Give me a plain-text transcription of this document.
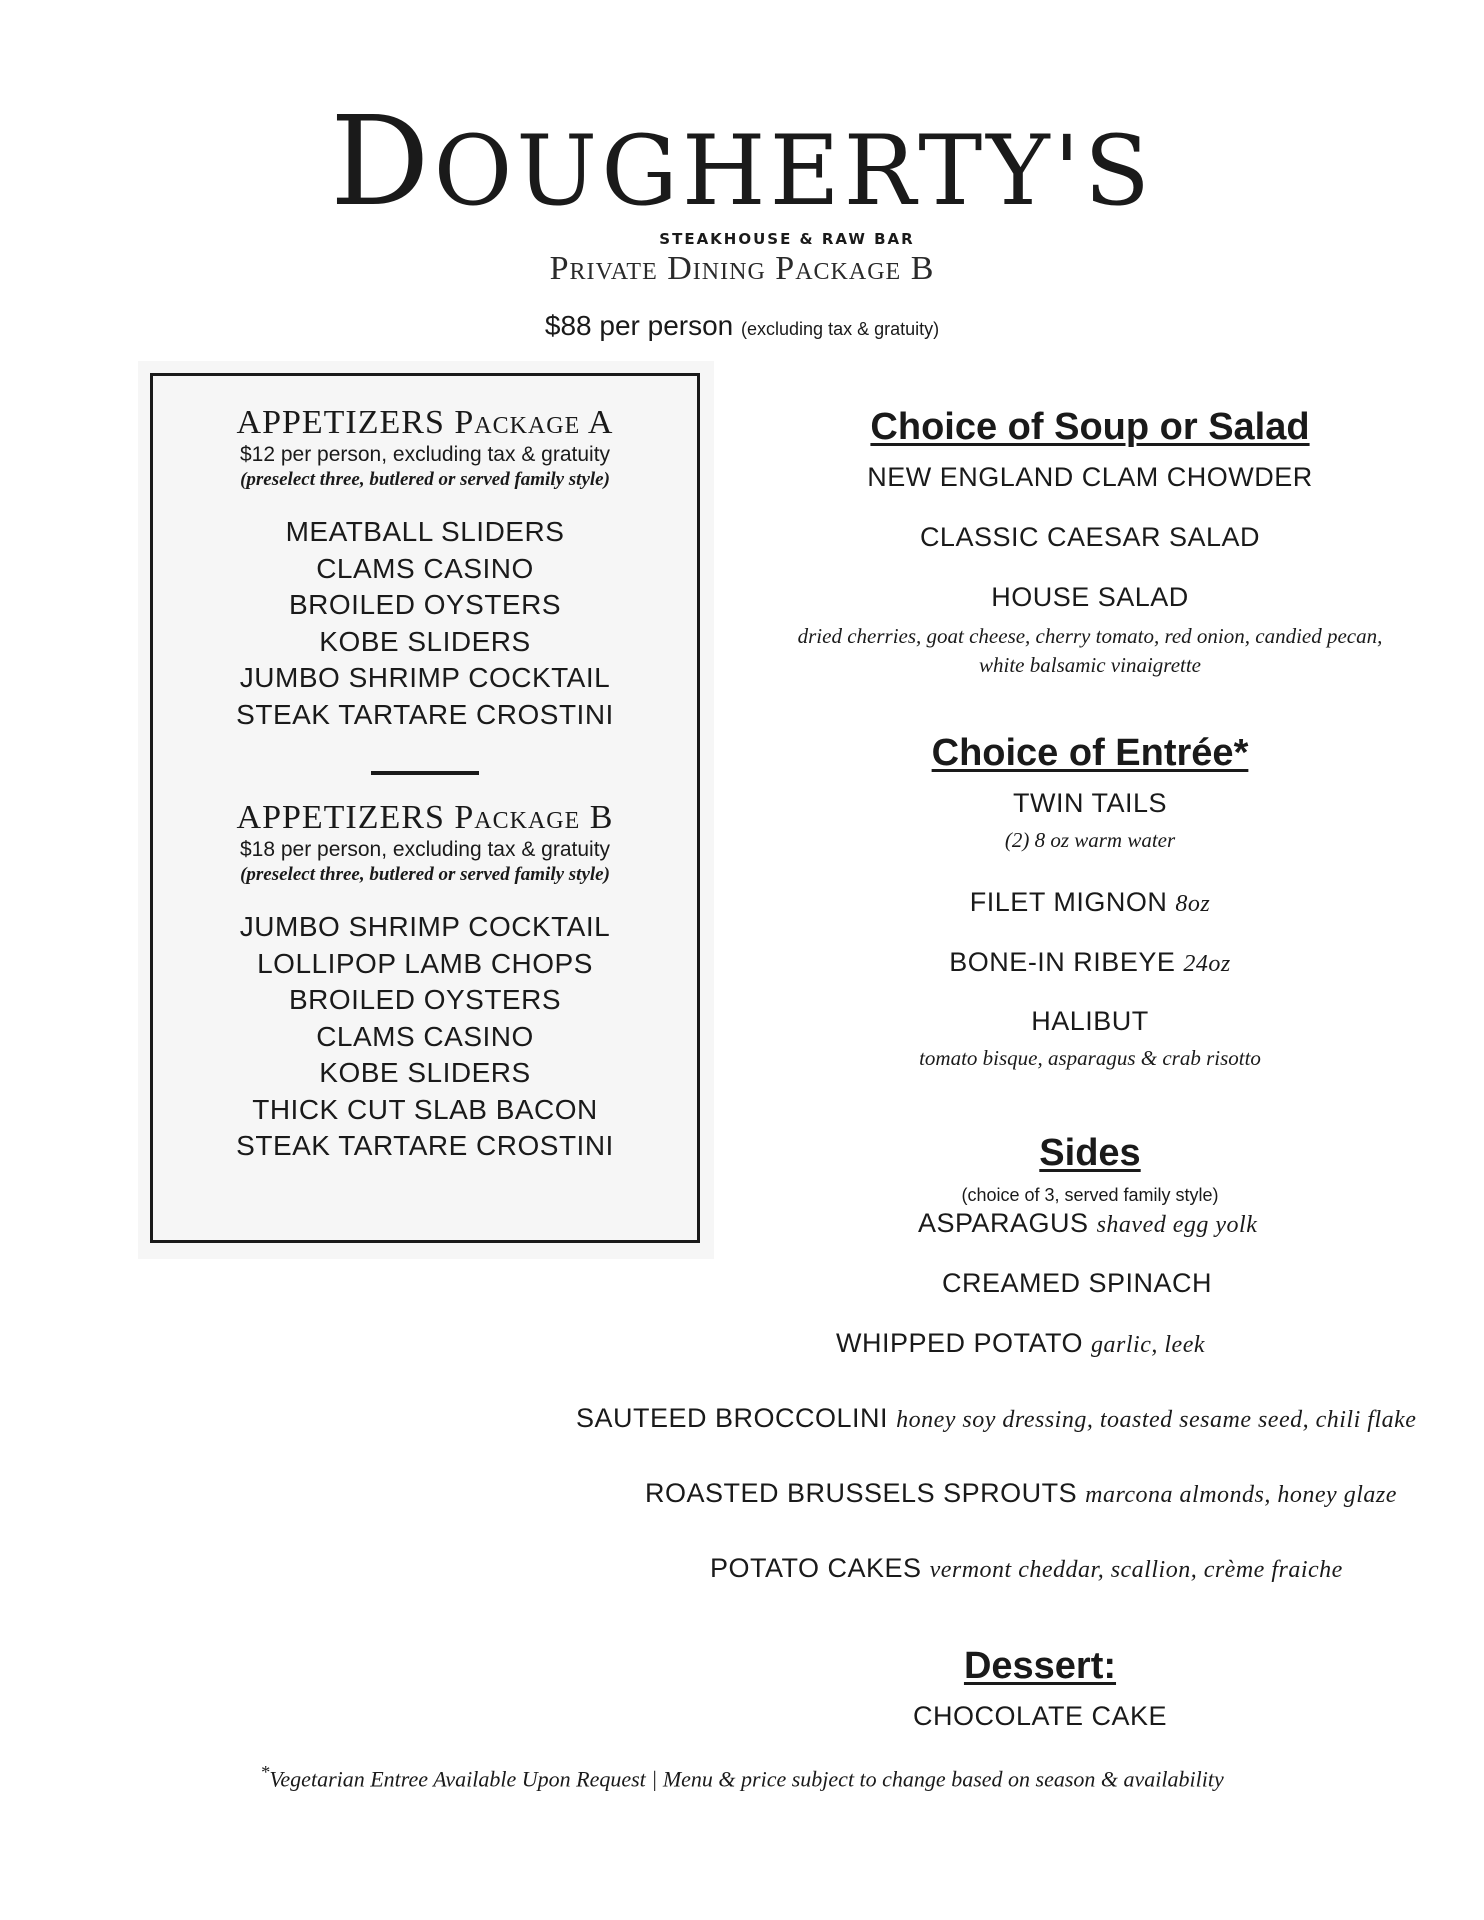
DOUGHERTY'S
STEAKHOUSE & RAW BAR
Private Dining Package B
$88 per person (excluding tax & gratuity)
APPETIZERS Package A
$12 per person, excluding tax & gratuity
(preselect three, butlered or served family style)
MEATBALL SLIDERS
CLAMS CASINO
BROILED OYSTERS
KOBE SLIDERS
JUMBO SHRIMP COCKTAIL
STEAK TARTARE CROSTINI
APPETIZERS Package B
$18 per person, excluding tax & gratuity
(preselect three, butlered or served family style)
JUMBO SHRIMP COCKTAIL
LOLLIPOP LAMB CHOPS
BROILED OYSTERS
CLAMS CASINO
KOBE SLIDERS
THICK CUT SLAB BACON
STEAK TARTARE CROSTINI
Choice of Soup or Salad
NEW ENGLAND CLAM CHOWDER
CLASSIC CAESAR SALAD
HOUSE SALAD
dried cherries, goat cheese, cherry tomato, red onion, candied pecan,
white balsamic vinaigrette
Choice of Entrée*
TWIN TAILS
(2) 8 oz warm water
FILET MIGNON 8oz
BONE-IN RIBEYE 24oz
HALIBUT
tomato bisque, asparagus & crab risotto
Sides
(choice of 3, served family style)
ASPARAGUS shaved egg yolk
CREAMED SPINACH
WHIPPED POTATO garlic, leek
SAUTEED BROCCOLINI honey soy dressing, toasted sesame seed, chili flake
ROASTED BRUSSELS SPROUTS marcona almonds, honey glaze
POTATO CAKES vermont cheddar, scallion, crème fraiche
Dessert:
CHOCOLATE CAKE
*Vegetarian Entree Available Upon Request | Menu & price subject to change based on season & availability
